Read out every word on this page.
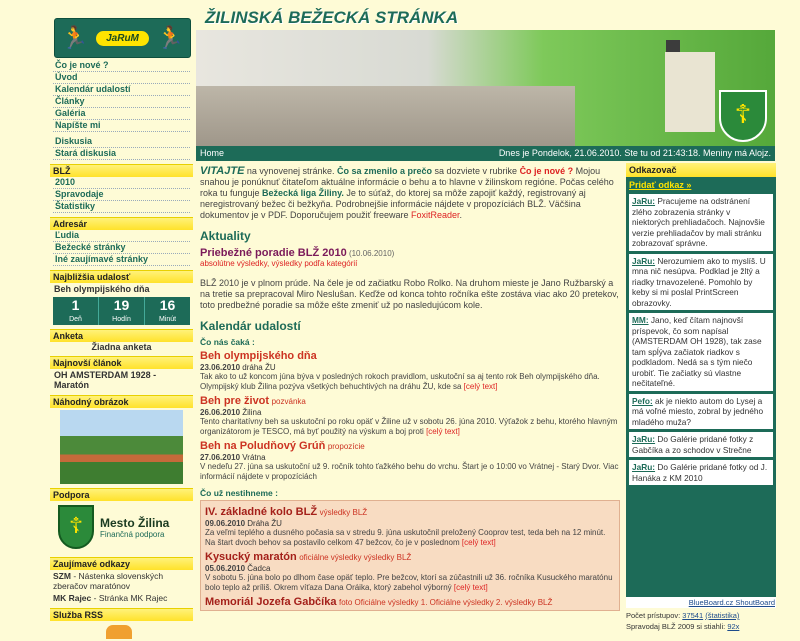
ŽILINSKÁ BEŽECKÁ STRÁNKA
🏃	JaRuM 🏃
Čo je nové ?
Úvod
Kalendár udalostí
Články
Galéria
Napíšte mi
Diskusia
Stará diskusia
BLŽ
2010
Spravodaje
Štatistiky
Adresár
Ľudia
Bežecké stránky
Iné zaujímavé stránky
Najbližšia udalosť
Beh olympijského dňa
1
Deň
19
Hodín
16
Minút
Anketa
Žiadna anketa
Najnovší článok
OH AMSTERDAM 1928 - Maratón
Náhodný obrázok
Podpora
☦	Mesto Žilina
Finančná podpora
Zaujímavé odkazy
SZM - Nástenka slovenských zberačov maratónov
MK Rajec - Stránka MK Rajec
Služba RSS
☦
Home	Dnes je Pondelok, 21.06.2010. Ste tu od 21:43:18. Meniny má Alojz.

VITAJTE na vynovenej stránke. Čo sa zmenilo a prečo sa dozviete v rubrike Čo je nové ? Mojou snahou je ponúknuť čitateľom aktuálne informácie o behu a to hlavne v žilinskom regióne. Počas celého roka tu funguje Bežecká liga Žiliny. Je to súťaž, do ktorej sa môže zapojiť každý, registrovaný aj neregistrovaný bežec či bežkyňa. Podrobnejšie informácie nájdete v propozíciách BLŽ. Väčšina dokumentov je v PDF. Doporučujem použiť freeware FoxitReader.

Aktuality
Priebežné poradie BLŽ 2010 (10.06.2010)
absolútne výsledky, výsledky podľa kategórií

BLŽ 2010 je v plnom prúde. Na čele je od začiatku Robo Rolko. Na druhom mieste je Jano Ružbarský a na tretie sa prepracoval Miro Nesluŝan. Keďže od konca tohto ročníka ešte zostáva viac ako 20 pretekov, toto predbežné poradie sa môže ešte zmeniť už po nasledujúcom kole.

Kalendár udalostí
Čo nás čaká :
Beh olympijského dňa
23.06.2010 dráha ŽU

Tak ako to už koncom júna býva v posledných rokoch pravidlom, uskutoční sa aj tento rok Beh olympijského dňa. Olympijský klub Žilina pozýva všetkých behuchtivých na dráhu ŽU, kde sa [celý text]

Beh pre život pozvánka
26.06.2010 Žilina

Tento charitatívny beh sa uskutoční po roku opäť v Žiline už v sobotu 26. júna 2010. Výťažok z behu, ktorého hlavným organizátorom je TESCO, má byť použitý na výskum a boj proti [celý text]

Beh na Poludňový Grúň propozície
27.06.2010 Vrátna

V nedeľu 27. júna sa uskutoční už 9. ročník tohto ťažkého behu do vrchu. Štart je o 10:00 vo Vrátnej - Starý Dvor. Viac informácií nájdete v propozíciách

Čo už nestihneme :
IV. základné kolo BLŽ výsledky BLŽ
09.06.2010 Dráha ŽU

Za veľmi teplého a dusného počasia sa v stredu 9. júna uskutočnil preložený Cooprov test, teda beh na 12 minút. Na štart dvoch behov sa postavilo celkom 47 bežcov, čo je v poslednom [celý text]

Kysucký maratón oficiálne výsledky výsledky BLŽ
05.06.2010 Čadca

V sobotu 5. júna bolo po dlhom čase opäť teplo. Pre bežcov, ktorí sa zúčastnili už 36. ročníka Kusuckého maratónu bolo teplo až príliš. Okrem víťaza Dana Oráika, ktorý zabehol výborný [celý text]

Memoriál Jozefa Gabčíka foto Oficiálne výsledky 1. Oficiálne výsledky 2. výsledky BLŽ

Odkazovač
Pridať odkaz »
JaRu: Pracujeme na odstránení zlého zobrazenia stránky v niektorých prehliadačoch. Najnovšie verzie prehliadačov by mali stránku zobrazovať správne.
JaRu: Nerozumiem ako to myslíš. U mna nič nesúpva. Podklad je žltý a riadky trnavozelené. Pomohlo by keby si mi poslal PrintScreen obrazovky.
MM: Jano, keď čítam najnovší príspevok, čo som napísal (AMSTERDAM OH 1928), tak zase tam spĺýva začiatok riadkov s podkladom. Nedá sa s tým niečo urobiť. Tie začiatky sú vlastne nečitateľné.
Pefo: ak je niekto autom do Lysej a má voľné miesto, zobral by jedného mladého muža?
JaRu: Do Galérie pridané fotky z Gabčíka a zo schodov v Strečne
JaRu: Do Galérie pridané fotky od J. Hanáka z KM 2010
BlueBoard.cz ShoutBoard
Počet prístupov: 37541 (štatistika)
Spravodaj BLŽ 2009 si stiahli: 92x
